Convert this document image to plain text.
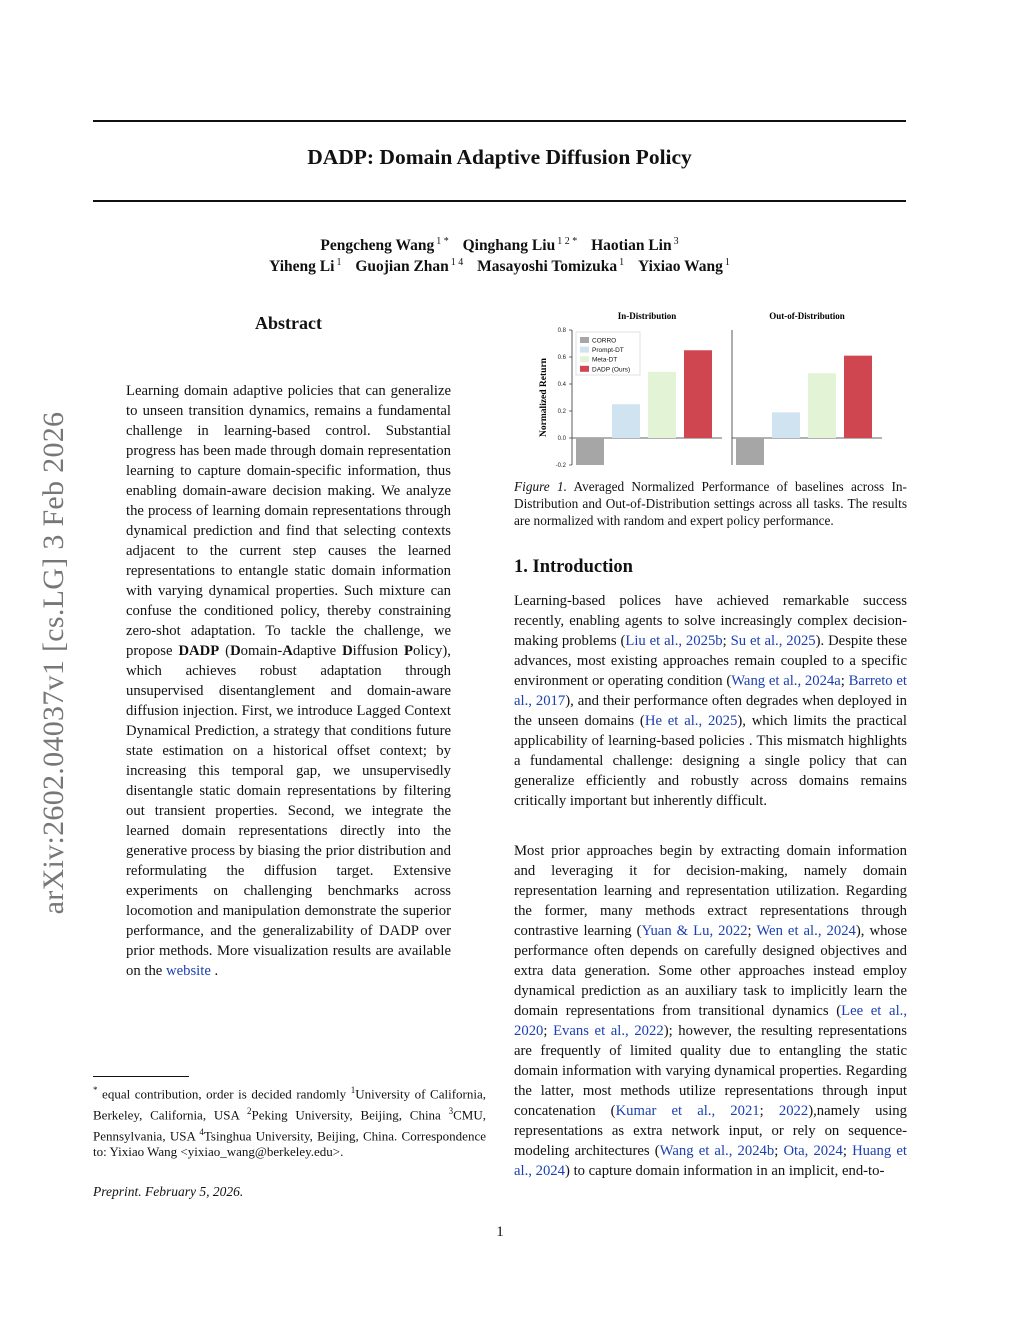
DADP: Domain Adaptive Diffusion Policy
Pengcheng Wang $^{1 *}$ Qinghang Liu $^{1 2 *}$ Haotian Lin $^3$
Yiheng Li $^1$ Guojian Zhan $^{1 4}$ Masayoshi Tomizuka $^1$ Yixiao Wang $^1$
arXiv:2602.04037v1 [cs.LG] 3 Feb 2026
Abstract

Learning domain adaptive policies that can generalize to unseen transition dynamics, remains a fundamental challenge in learning-based control. Substantial progress has been made through domain representation learning to capture domain-specific information, thus enabling domain-aware decision making. We analyze the process of learning domain representations through dynamical prediction and find that selecting contexts adjacent to the current step causes the learned representations to entangle static domain information with varying dynamical properties. Such mixture can confuse the conditioned policy, thereby constraining zero-shot adaptation. To tackle the challenge, we propose DADP (Domain-Adaptive Diffusion Policy), which achieves robust adaptation through unsupervised disentanglement and domain-aware diffusion injection. First, we introduce Lagged Context Dynamical Prediction, a strategy that conditions future state estimation on a historical offset context; by increasing this temporal gap, we unsupervisedly disentangle static domain representations by filtering out transient properties. Second, we integrate the learned domain representations directly into the generative process by biasing the prior distribution and reformulating the diffusion target. Extensive experiments on challenging benchmarks across locomotion and manipulation demonstrate the superior performance, and the generalizability of DADP over prior methods. More visualization results are available on the website .

* equal contribution, order is decided randomly $^1$University of California, Berkeley, California, USA $^2$Peking University, Beijing, China $^3$CMU, Pennsylvania, USA $^4$Tsinghua University, Beijing, China. Correspondence to: Yixiao Wang <yixiao_wang@berkeley.edu>.

Preprint. February 5, 2026.

Normalized Return
-0.2
0.0
0.2
0.4
0.6
0.8
In-Distribution	Out-of-Distribution
CORRO
Prompt-DT
Meta-DT
DADP (Ours)

Figure 1. Averaged Normalized Performance of baselines across In-Distribution and Out-of-Distribution settings across all tasks. The results are normalized with random and expert policy performance.

1. Introduction

Learning-based polices have achieved remarkable success recently, enabling agents to solve increasingly complex decision-making problems (Liu et al., 2025b; Su et al., 2025). Despite these advances, most existing approaches remain coupled to a specific environment or operating condition (Wang et al., 2024a; Barreto et al., 2017), and their performance often degrades when deployed in the unseen domains (He et al., 2025), which limits the practical applicability of learning-based policies . This mismatch highlights a fundamental challenge: designing a single policy that can generalize efficiently and robustly across domains remains critically important but inherently difficult.

Most prior approaches begin by extracting domain information and leveraging it for decision-making, namely domain representation learning and representation utilization. Regarding the former, many methods extract representations through contrastive learning (Yuan & Lu, 2022; Wen et al., 2024), whose performance often depends on carefully designed objectives and extra data generation. Some other approaches instead employ dynamical prediction as an auxiliary task to implicitly learn the domain representations from transitional dynamics (Lee et al., 2020; Evans et al., 2022); however, the resulting representations are frequently of limited quality due to entangling the static domain information with varying dynamical properties. Regarding the latter, most methods utilize representations through input concatenation (Kumar et al., 2021; 2022),namely using representations as extra network input, or rely on sequence-modeling architectures (Wang et al., 2024b; Ota, 2024; Huang et al., 2024) to capture domain information in an implicit, end-to-

1
